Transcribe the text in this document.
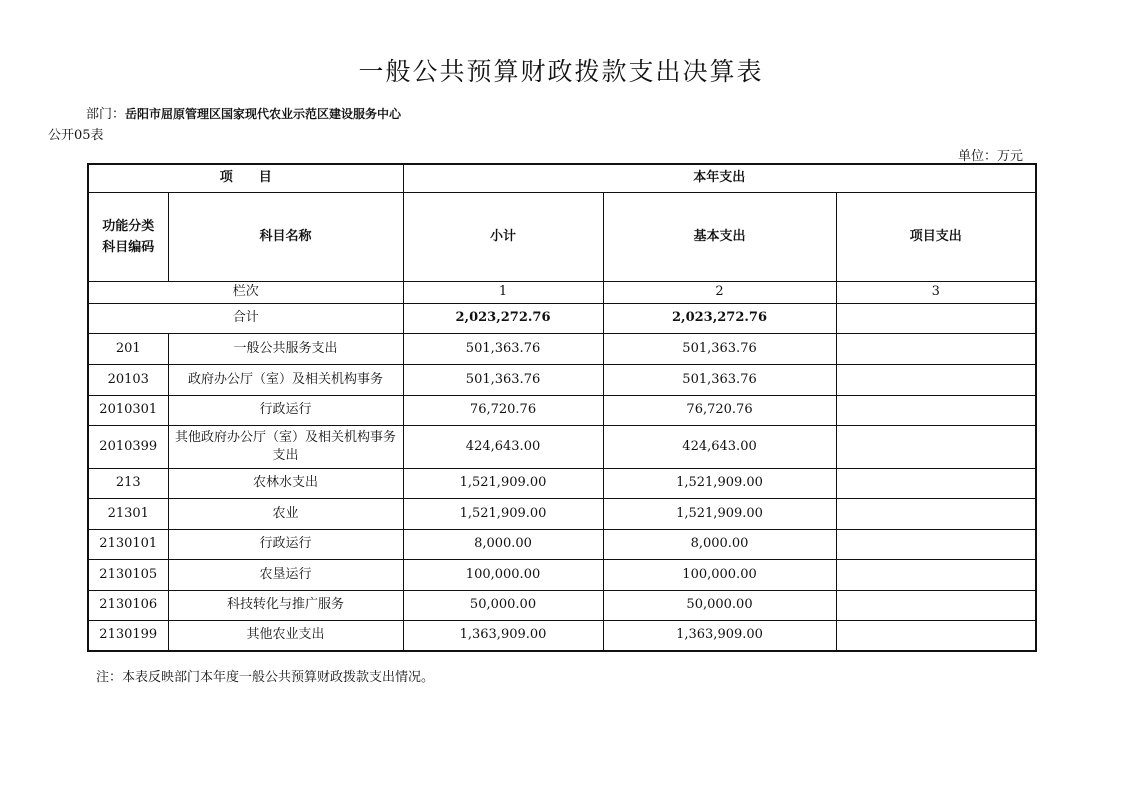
一般公共预算财政拨款支出决算表
部门：岳阳市屈原管理区国家现代农业示范区建设服务中心
公开05表
单位：万元
项　　目		本年支出		
功能分类
科目编码	科目名称	小计	基本支出	项目支出
栏次		1	2	3
合计		2,023,272.76	2,023,272.76	
201	一般公共服务支出	501,363.76	501,363.76	
20103	政府办公厅（室）及相关机构事务	501,363.76	501,363.76	
2010301	行政运行	76,720.76	76,720.76	
2010399	其他政府办公厅（室）及相关机构事务支出	424,643.00	424,643.00	
213	农林水支出	1,521,909.00	1,521,909.00	
21301	农业	1,521,909.00	1,521,909.00	
2130101	行政运行	8,000.00	8,000.00	
2130105	农垦运行	100,000.00	100,000.00	
2130106	科技转化与推广服务	50,000.00	50,000.00	
2130199	其他农业支出	1,363,909.00	1,363,909.00	
注：本表反映部门本年度一般公共预算财政拨款支出情况。
